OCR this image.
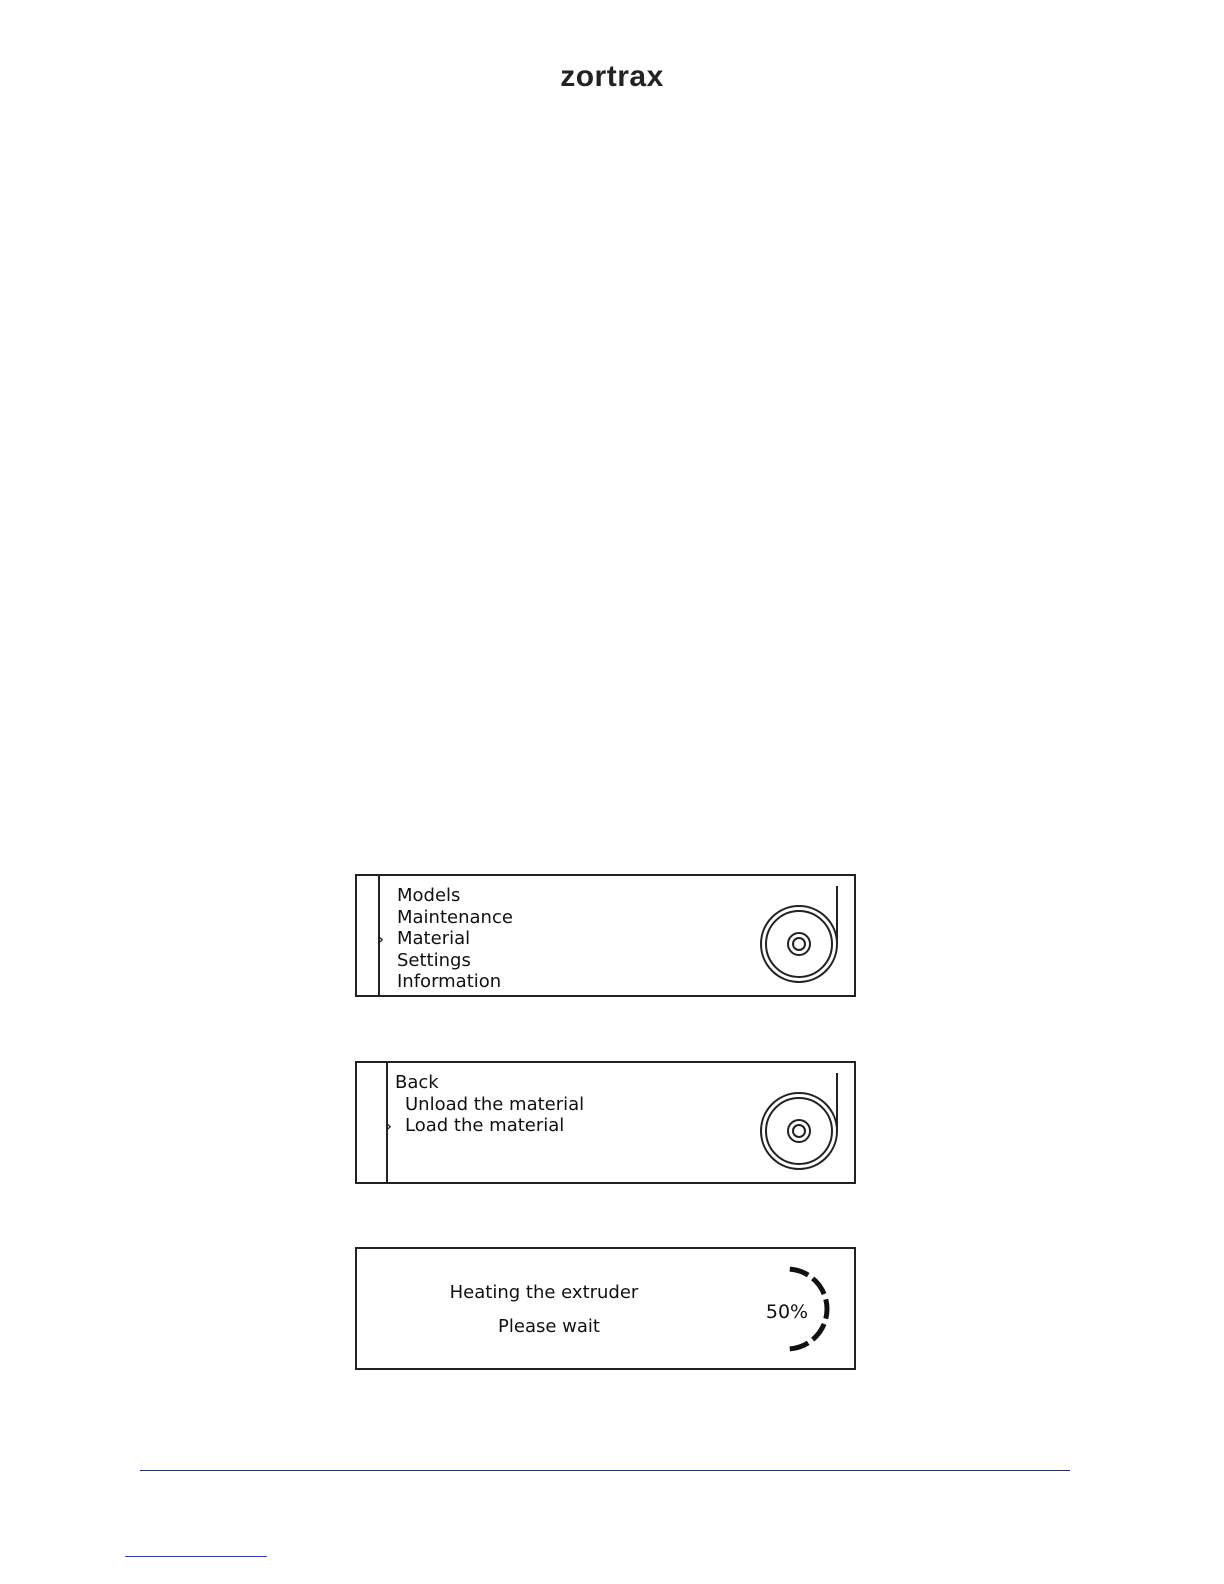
zortrax
›
Models
Maintenance
Material
Settings
Information
›
Back
Unload the material
Load the material
Heating the extruder
Please wait
50%
